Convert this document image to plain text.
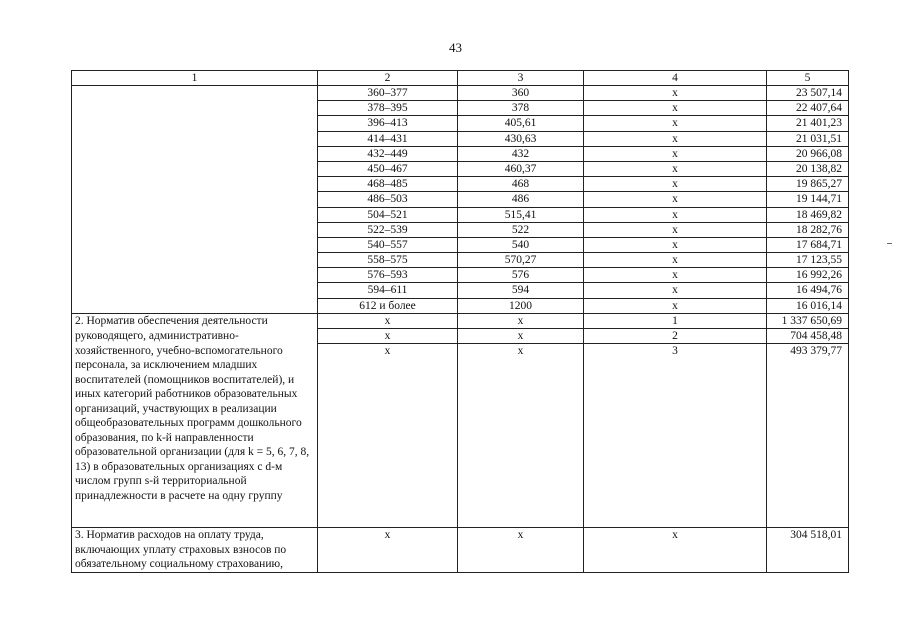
43
1	2	3	4	5
	360–377	360	x	23 507,14
	378–395	378	x	22 407,64
	396–413	405,61	x	21 401,23
	414–431	430,63	x	21 031,51
	432–449	432	x	20 966,08
	450–467	460,37	x	20 138,82
	468–485	468	x	19 865,27
	486–503	486	x	19 144,71
	504–521	515,41	x	18 469,82
	522–539	522	x	18 282,76
	540–557	540	x	17 684,71
	558–575	570,27	x	17 123,55
	576–593	576	x	16 992,26
	594–611	594	x	16 494,76
	612 и более	1200	x	16 016,14
2. Норматив обеспечения деятельности	x	x	1	1 337 650,69
руководящего, административно-	x	x	2	704 458,48
хозяйственного, учебно-вспомогательного персонала, за исключением младших воспитателей (помощников воспитателей), и иных категорий работников образовательных организаций, участвующих в реализации общеобразовательных программ дошкольного образования, по k-й направленности образовательной организации (для k = 5, 6, 7, 8, 13) в образовательных организациях с d-м числом групп s-й территориальной принадлежности в расчете на одну группу	x	x	3	493 379,77
3. Норматив расходов на оплату труда, включающих уплату страховых взносов по обязательному социальному страхованию,	x	x	x	304 518,01
